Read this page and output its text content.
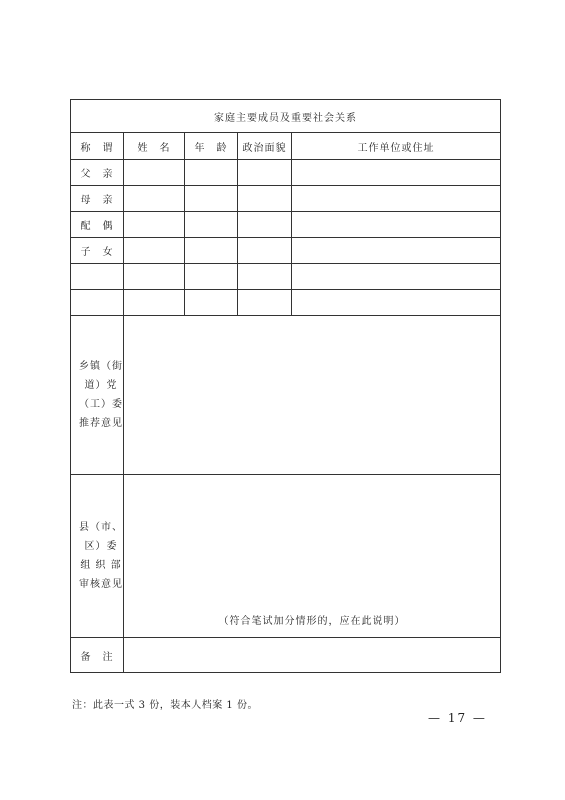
家庭主要成员及重要社会关系				
称　谓	姓　名	年　龄	政治面貌	工作单位或住址
父　亲				
母　亲				
配　偶				
子　女				

乡镇（街
道）党
（工）委
推荐意见				

县（市、
区）委
组 织 部
审核意见	（符合笔试加分情形的，应在此说明）			

备　注				
注：此表一式 3 份，装本人档案 1 份。
— 17 —
